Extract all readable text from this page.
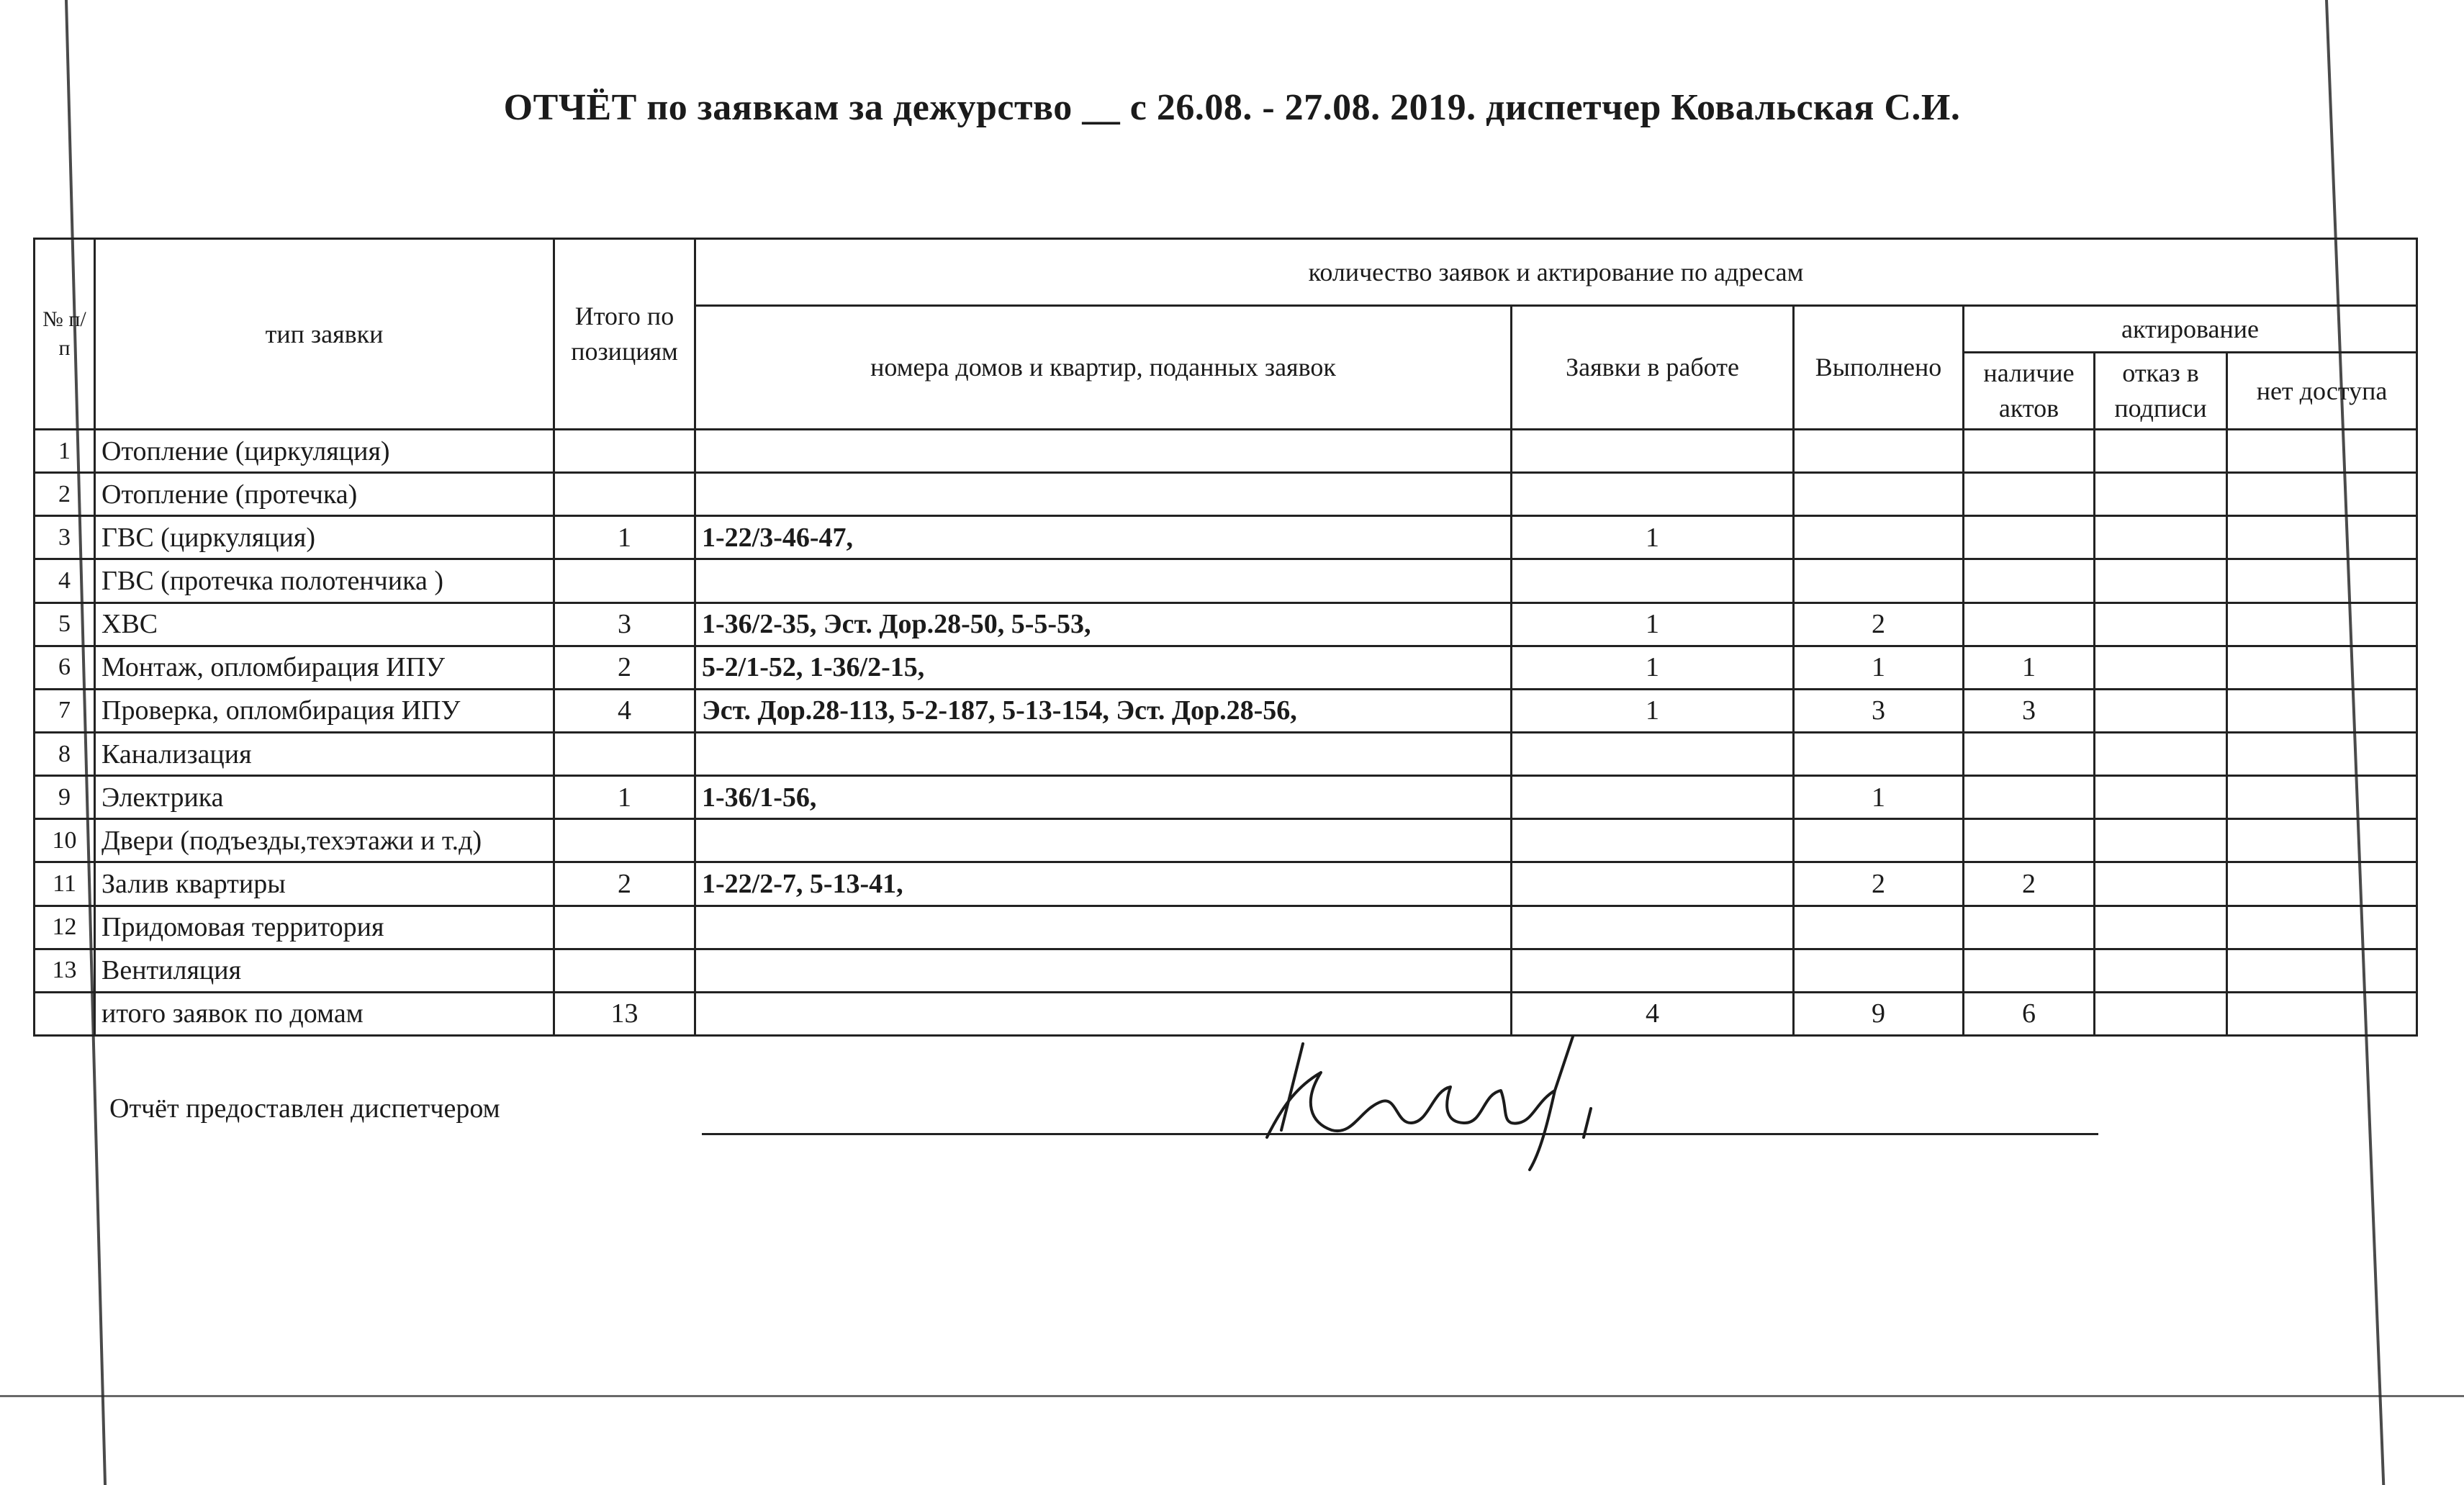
ОТЧЁТ по заявкам за дежурство __ с 26.08. - 27.08. 2019. диспетчер Ковальская С.И.
№ п/п	тип заявки	Итого по позициям	количество заявок и актирование по адресам					
			номера домов и квартир, поданных заявок	Заявки в работе	Выполнено	актирование		
						наличие актов	отказ в подписи	нет доступа
1	Отопление (циркуляция)							
2	Отопление (протечка)							
3	ГВС (циркуляция)	1	1-22/3-46-47,	1				
4	ГВС (протечка полотенчика )							
5	ХВС	3	1-36/2-35, Эст. Дор.28-50, 5-5-53,	1	2			
6	Монтаж, опломбирация ИПУ	2	5-2/1-52, 1-36/2-15,	1	1	1		
7	Проверка, опломбирация ИПУ	4	Эст. Дор.28-113, 5-2-187, 5-13-154, Эст. Дор.28-56,	1	3	3		
8	Канализация							
9	Электрика	1	1-36/1-56,		1			
10	Двери (подъезды,техэтажи и т.д)							
11	Залив квартиры	2	1-22/2-7, 5-13-41,		2	2		
12	Придомовая территория							
13	Вентиляция							
	итого заявок по домам	13		4	9	6		
Отчёт предоставлен диспетчером
